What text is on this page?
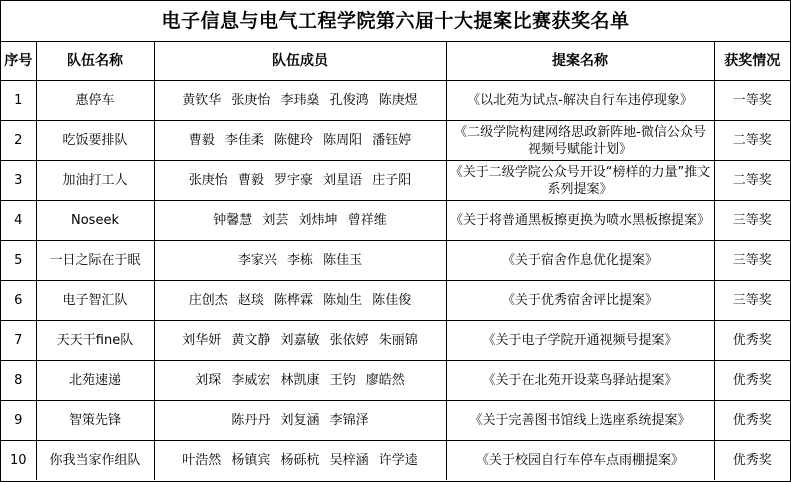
电子信息与电气工程学院第六届十大提案比赛获奖名单
序号	队伍名称	队伍成员	提案名称	获奖情况
1	惠停车	黄钦华 张庚怡 李玮燊 孔俊鸿 陈庚煜	《以北苑为试点-解决自行车违停现象》	一等奖
2	吃饭要排队	曹毅 李佳柔 陈健玲 陈周阳 潘钰婷	《二级学院构建网络思政新阵地-微信公众号视频号赋能计划》	二等奖
3	加油打工人	张庚怡 曹毅 罗宇豪 刘星语 庄子阳	《关于二级学院公众号开设“榜样的力量”推文系列提案》	二等奖
4	Noseek	钟馨慧 刘芸 刘炜坤 曾祥维	《关于将普通黑板擦更换为喷水黑板擦提案》	三等奖
5	一日之际在于眠	李家兴 李栋 陈佳玉	《关于宿舍作息优化提案》	三等奖
6	电子智汇队	庄创杰 赵琰 陈桦霖 陈灿生 陈佳俊	《关于优秀宿舍评比提案》	三等奖
7	天天干fine队	刘华妍 黄文静 刘嘉敏 张依婷 朱丽锦	《关于电子学院开通视频号提案》	优秀奖
8	北苑速递	刘琛 李威宏 林凯康 王钧 廖皓然	《关于在北苑开设菜鸟驿站提案》	优秀奖
9	智策先锋	陈丹丹 刘复涵 李锦泽	《关于完善图书馆线上选座系统提案》	优秀奖
10	你我当家作组队	叶浩然 杨镇宾 杨砾杭 吴梓涵 许学逵	《关于校园自行车停车点雨棚提案》	优秀奖
